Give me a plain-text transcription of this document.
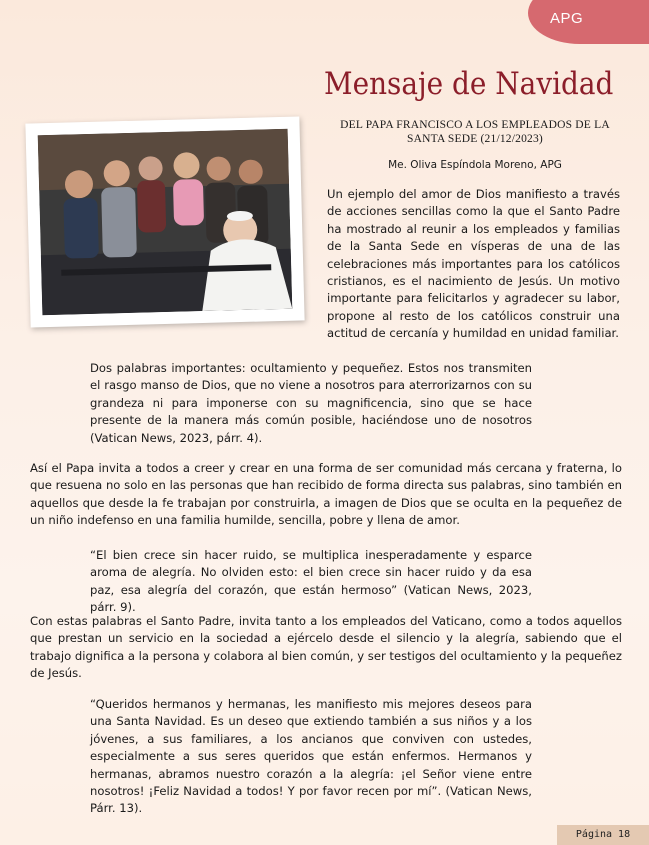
APG
Mensaje de Navidad
DEL PAPA FRANCISCO A LOS EMPLEADOS DE LA SANTA SEDE (21/12/2023)
Me. Oliva Espíndola Moreno, APG

Un ejemplo del amor de Dios manifiesto a través de acciones sencillas como la que el Santo Padre ha mostrado al reunir a los empleados y familias de la Santa Sede en vísperas de una de las celebraciones más importantes para los católicos cristianos, es el nacimiento de Jesús. Un motivo importante para felicitarlos y agradecer su labor, propone al resto de los católicos construir una actitud de cercanía y humildad en unidad familiar.

Dos palabras importantes: ocultamiento y pequeñez. Estos nos transmiten el rasgo manso de Dios, que no viene a nosotros para aterrorizarnos con su grandeza ni para imponerse con su magnificencia, sino que se hace presente de la manera más común posible, haciéndose uno de nosotros (Vatican News, 2023, párr. 4).

Así el Papa invita a todos a creer y crear en una forma de ser comunidad más cercana y fraterna, lo que resuena no solo en las personas que han recibido de forma directa sus palabras, sino también en aquellos que desde la fe trabajan por construirla, a imagen de Dios que se oculta en la pequeñez de un niño indefenso en una familia humilde, sencilla, pobre y llena de amor.

“El bien crece sin hacer ruido, se multiplica inesperadamente y esparce aroma de alegría. No olviden esto: el bien crece sin hacer ruido y da esa paz, esa alegría del corazón, que están hermoso” (Vatican News, 2023, párr. 9).

Con estas palabras el Santo Padre, invita tanto a los empleados del Vaticano, como a todos aquellos que prestan un servicio en la sociedad a ejércelo desde el silencio y la alegría, sabiendo que el trabajo dignifica a la persona y colabora al bien común, y ser testigos del ocultamiento y la pequeñez de Jesús.

“Queridos hermanos y hermanas, les manifiesto mis mejores deseos para una Santa Navidad. Es un deseo que extiendo también a sus niños y a los jóvenes, a sus familiares, a los ancianos que conviven con ustedes, especialmente a sus seres queridos que están enfermos. Hermanos y hermanas, abramos nuestro corazón a la alegría: ¡el Señor viene entre nosotros! ¡Feliz Navidad a todos! Y por favor recen por mí”. (Vatican News, Párr. 13).

Página 18
